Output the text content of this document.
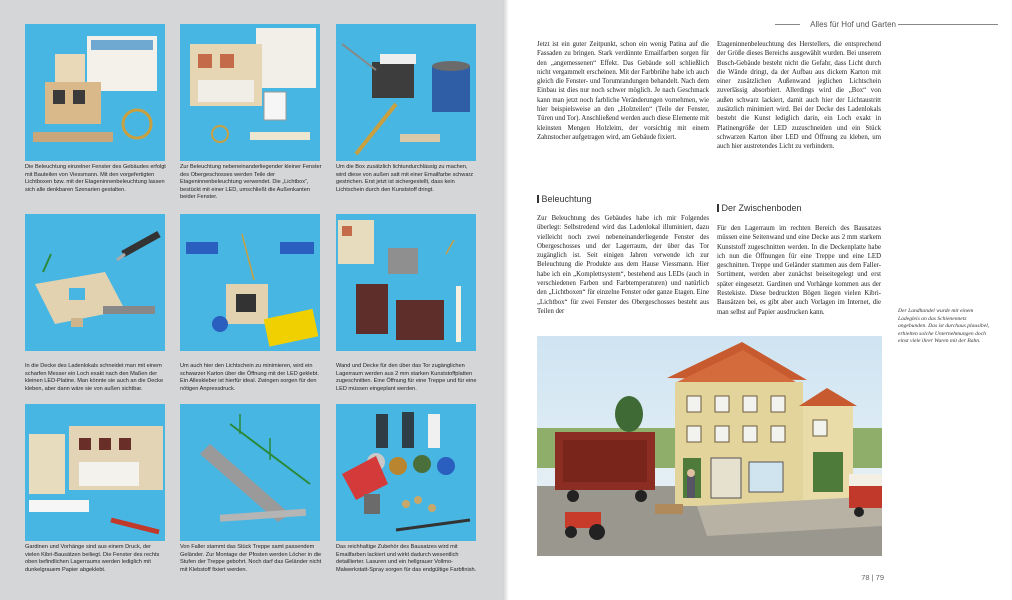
Die Beleuchtung einzelner Fenster des Gebäudes erfolgt mit Bauteilen von Viessmann. Mit den vorgefertigten Lichtboxen bzw. mit der Etageninnenbeleuchtung lassen sich alle denkbaren Szenarien gestalten.
Zur Beleuchtung nebeneinanderliegender kleiner Fenster des Obergeschosses werden Teile der Etageninnenbeleuchtung verwendet. Die „Lichtbox“, bestückt mit einer LED, umschließt die Außenkanten beider Fenster.
Um die Box zusätzlich lichtundurchlässig zu machen, wird diese von außen satt mit einer Emailfarbe schwarz gestrichen. Erst jetzt ist sichergestellt, dass kein Lichtschein durch den Kunststoff dringt.
In die Decke des Ladenlokals schneidet man mit einem scharfen Messer ein Loch exakt nach den Maßen der kleinen LED-Platine. Man könnte sie auch an die Decke kleben, aber dann wäre sie von außen sichtbar.
Um auch hier den Lichtschein zu minimieren, wird ein schwarzer Karton über die Öffnung mit der LED geklebt. Ein Alleskleber ist hierfür ideal. Zwingen sorgen für den nötigen Anpressdruck.
Wand und Decke für den über das Tor zugänglichen Lagerraum werden aus 2 mm starken Kunststoffplatten zugeschnitten. Eine Öffnung für eine Treppe und für eine LED müssen eingeplant werden.
Gardinen und Vorhänge sind aus einem Druck, der vielen Kibri-Bausätzen beiliegt. Die Fenster des rechts oben befindlichen Lagerraums werden lediglich mit dunkelgrauem Papier abgeklebt.
Von Faller stammt das Stück Treppe samt passendem Geländer. Zur Montage der Pfosten werden Löcher in die Stufen der Treppe gebohrt. Noch darf das Geländer nicht mit Klebstoff fixiert werden.
Das reichhaltige Zubehör des Bausatzes wird mit Emailfarben lackiert und wirkt dadurch wesentlich detaillierter. Lasuren und ein hellgrauer Vollmo-Malwerkstatt-Spray sorgen für das endgültige Farbfinish.
Alles für Hof und Garten

Jetzt ist ein guter Zeitpunkt, schon ein wenig Patina auf die Fassaden zu bringen. Stark verdünnte Emailfarben sorgen für den „angemessenen“ Effekt. Das Gebäude soll schließlich nicht vergammelt erscheinen. Mit der Farbbrühe habe ich auch gleich die Fenster- und Torumrandungen behandelt. Nach dem Einbau ist dies nur noch schwer möglich. Je nach Geschmack kann man jetzt noch farbliche Veränderungen vornehmen, wie hier beispielsweise an den „Holzteilen“ (Teile der Fenster, Türen und Tor). Anschließend werden auch diese Elemente mit kleinsten Mengen Holzleim, der vorsichtig mit einem Zahnstocher aufgetragen wird, am Gebäude fixiert.

Beleuchtung

Zur Beleuchtung des Gebäudes habe ich mir Folgendes überlegt: Selbstredend wird das Ladenlokal illuminiert, dazu vielleicht noch zwei nebeneinanderliegende Fenster des Obergeschosses und der Lagerraum, der über das Tor zugänglich ist. Seit einigen Jahren verwende ich zur Beleuchtung die Produkte aus dem Hause Viessmann. Hier habe ich ein „Komplettsystem“, bestehend aus LEDs (auch in verschiedenen Farben und Farbtemperaturen) und natürlich den „Lichtboxen“ für einzelne Fenster oder ganze Etagen. Eine „Lichtbox“ für zwei Fenster des Obergeschosses besteht aus Teilen der

Etageninnenbeleuchtung des Herstellers, die entsprechend der Größe dieses Bereichs ausgewählt wurden. Bei unserem Busch-Gebäude besteht nicht die Gefahr, dass Licht durch die Wände dringt, da der Aufbau aus dickem Karton mit einer zusätzlichen Außenwand jeglichen Lichtschein zuverlässig absorbiert. Allerdings wird die „Box“ von außen schwarz lackiert, damit auch hier der Lichtaustritt zusätzlich minimiert wird. Bei der Decke des Ladenlokals besteht die Kunst lediglich darin, ein Loch exakt in Platinengröße der LED zuzuschneiden und ein Stück schwarzen Karton über LED und Öffnung zu kleben, um auch hier austretendes Licht zu verhindern.

Der Zwischenboden

Für den Lagerraum im rechten Bereich des Bausatzes müssen eine Seitenwand und eine Decke aus 2 mm starkem Kunststoff zugeschnitten werden. In die Deckenplatte habe ich nun die Öffnungen für eine Treppe und eine LED geschnitten. Treppe und Geländer stammen aus dem Faller-Sortiment, werden aber zunächst beiseitegelegt und erst später eingesetzt. Gardinen und Vorhänge kommen aus der Restekiste. Diese bedruckten Bögen liegen vielen Kibri-Bausätzen bei, es gibt aber auch Vorlagen im Internet, die man selbst auf Papier ausdrucken kann.	Der Landhandel wurde mit einem Ladegleis an das Schienennetz angebunden. Das ist durchaus plausibel, erhielten solche Unternehmungen doch einst viele ihrer Waren mit der Bahn.
78 | 79
